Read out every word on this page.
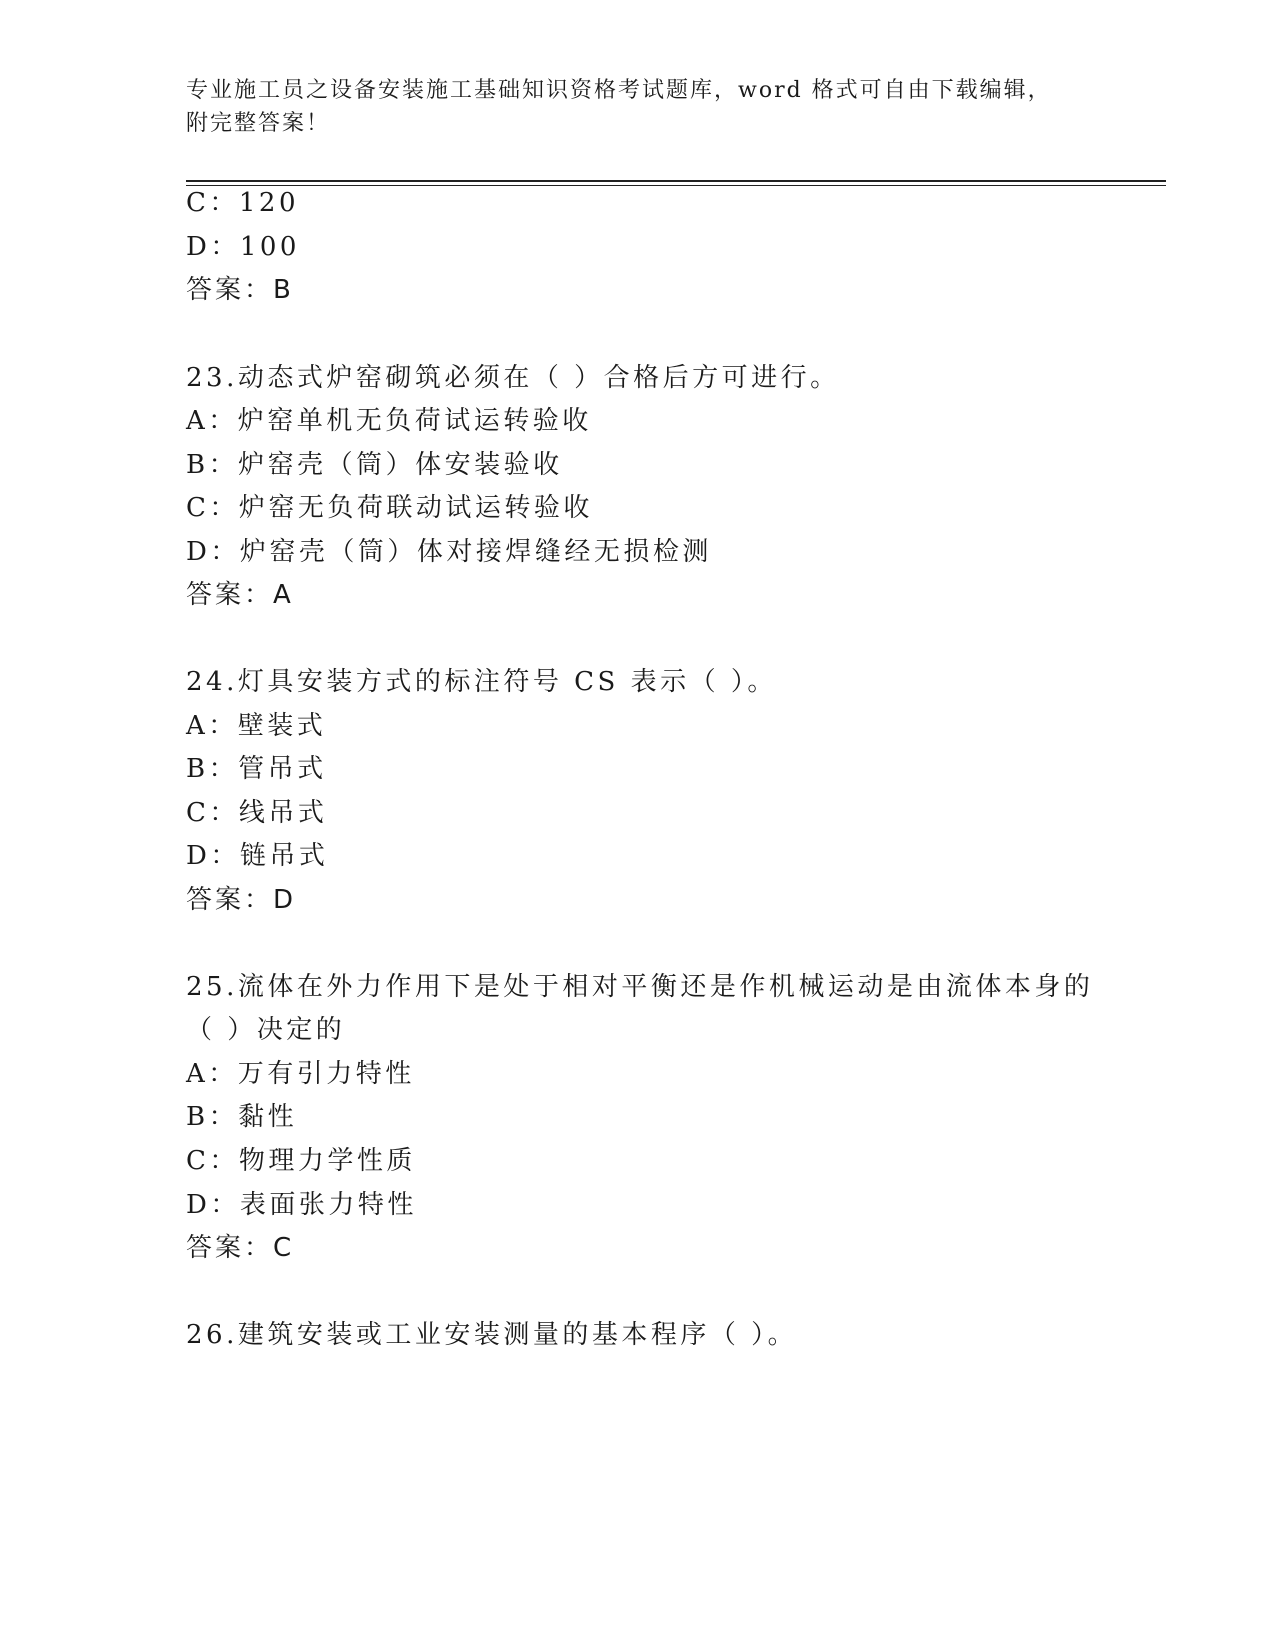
专业施工员之设备安装施工基础知识资格考试题库，word 格式可自由下载编辑，
附完整答案！
C：120
D：100
答案：B
23.动态式炉窑砌筑必须在（ ）合格后方可进行。
A：炉窑单机无负荷试运转验收
B：炉窑壳（筒）体安装验收
C：炉窑无负荷联动试运转验收
D：炉窑壳（筒）体对接焊缝经无损检测
答案：A
24.灯具安装方式的标注符号 CS 表示（ ）。
A：壁装式
B：管吊式
C：线吊式
D：链吊式
答案：D
25.流体在外力作用下是处于相对平衡还是作机械运动是由流体本身的
（ ）决定的
A：万有引力特性
B：黏性
C：物理力学性质
D：表面张力特性
答案：C
26.建筑安装或工业安装测量的基本程序（ ）。
